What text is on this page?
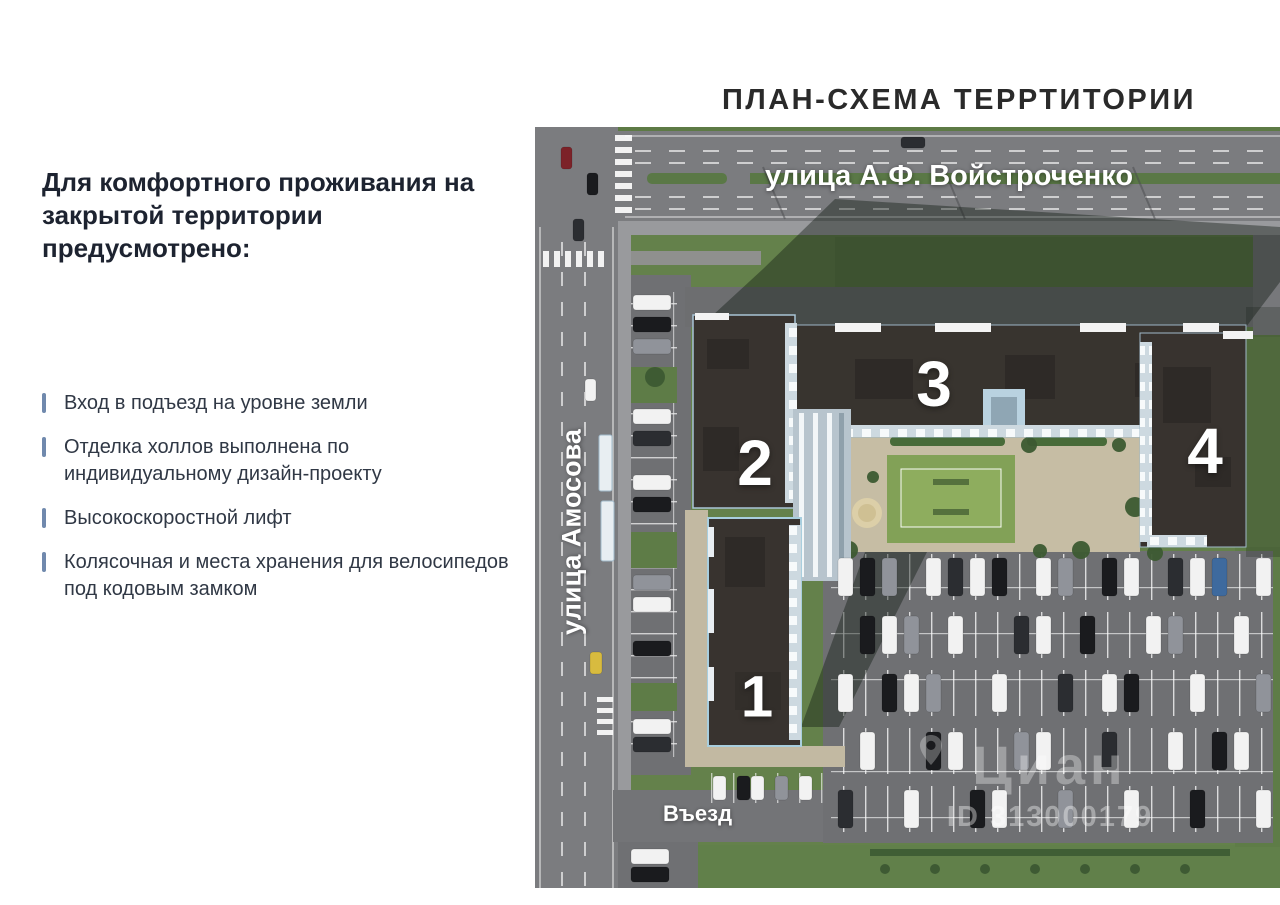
ПЛАН-СХЕМА ТЕРРТИТОРИИ
Для комфортного проживания на закрытой территории предусмотрено:
Вход в подъезд на уровне земли
Отделка холлов выполнена по индивидуальному дизайн-проекту
Высокоскоростной лифт
Колясочная и места хранения для велосипедов под кодовым замком
улица А.Ф. Войстроченко
улица Амосова
Въезд
1
2
3
4
Циан
ID 313000179
